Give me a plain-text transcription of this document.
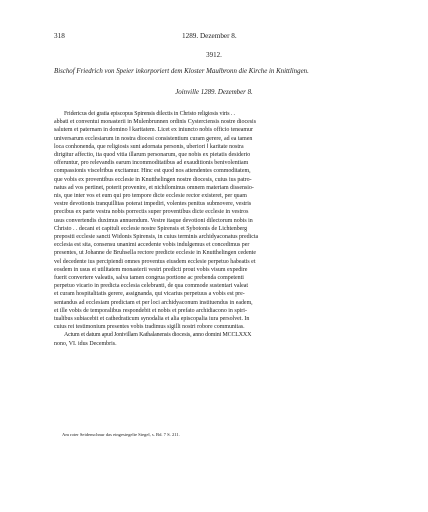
318	1289. Dezember 8.
3912.
Bischof Friedrich von Speier inkorporiert dem Kloster Maulbronn die Kirche in Knittlingen.
Joinville 1289. Dezember 8.
Fridericus dei gratia episcopus Spirensis dilectis in Christo religiosis viris . .
abbati et conventui monasterii in Mulenbrunnen ordinis Cysterciensis nostre diocesis
salutem et paternam in domino ‖ karitatem. Licet ex iniuncto nobis officio teneamur
universarum ecclesiarum in nostra diocesi consistentium curam gerere, ad ea tamen
loca conhonenda, que religiosis sunt adornata personis, uberiori ‖ karitate nostra
dirigitur affectio, ita quod vitia illarum personarum, que nobis ex pietatis desiderio
offeruntur, pro relevandis earum incommoditatibus ad exauditionis benivolentiam
compassionis visce‖ribus excitamur. Hinc est quod nos attendentes commoditatem,
que vobis ex proventibus ecclesie in Knutthelingen nostre diocesis, cuius ius patro-
natus ad vos pertinet, poterit provenire, et nichilominus omnem materiam dissensio-
nis, que inter vos et eum qui pro tempore dicte ecclesie rector existeret, per quam
vestre devotionis tranquillitas poterat impediri, volentes penitus submovere, vestris
precibus ex parte vestra nobis porrectis super proventibus dicte ecclesie in vestros
usus convertendis duximus annuendum. Vestre itaque devotioni dilectorum nobis in
Christo . . decani et capituli ecclesie nostre Spirensis et Sybotonis de Lichtenberg
prepositi ecclesie sancti Widonis Spirensis, in cuius terminis archidyaconatus predicta
ecclesia est sita, consensu unanimi accedente vobis indulgemus et concedimus per
presentes, ut Johanne de Bruhsella rectore predicte ecclesie in Knutthelingen cedente
vel decedente ius percipiendi omnes proventus eiusdem ecclesie perpetuo habeatis et
eosdem in usus et utilitatem monasterii vestri predicti prout vobis visum expedire
fuerit convertere valeatis, salva tamen congrua portione ac prebenda competenti
perpetuo vicario in predicta ecclesia celebranti, de qua commode sustentari valeat
et curam hospitalitatis gerere, assignanda, qui vicarius perpetuus a vobis est pre-
sentandus ad ecclesiam predictam et per loci archidyaconum instituendus in eadem,
et ille vobis de temporalibus respondebit et nobis et prefato archidiacono in spiri-
tualibus subiacebit et cathedraticum synodalia et alia episcopalia iura persolvet. In
cuius rei testimonium presentes vobis tradimus sigilli nostri robore communitas.
Actum et datum apud Jonivillam Kathalanensis diocesis, anno domini MCCLXXX
nono, VI. idus Decembris.
Am roter Seidenschnur das eingesiegelte Siegel, s. Bd. 7 S. 211.
